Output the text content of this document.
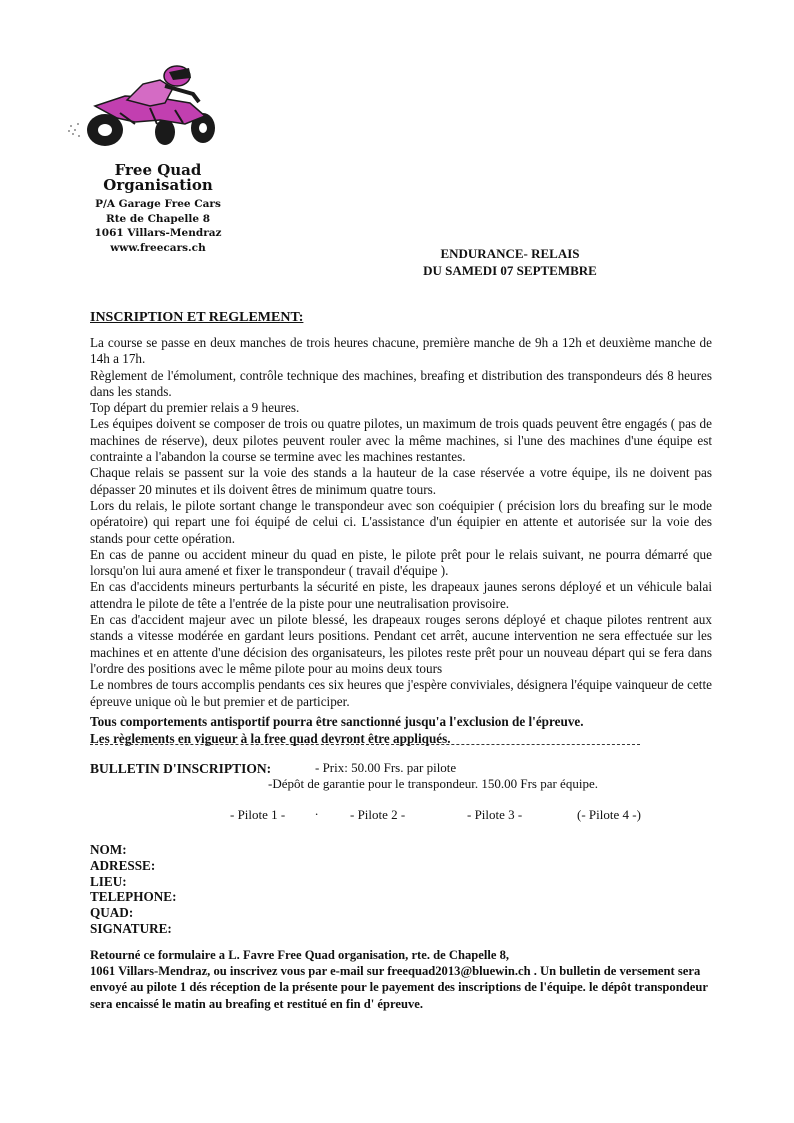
Free Quad Organisation
P/A Garage Free Cars
Rte de Chapelle 8
1061 Villars-Mendraz
www.freecars.ch	ENDURANCE- RELAIS
DU SAMEDI 07 SEPTEMBRE
INSCRIPTION ET REGLEMENT:

La course se passe en deux manches de trois heures chacune, première manche de 9h a 12h et deuxième manche de 14h a 17h.

Règlement de l'émolument, contrôle technique des machines, breafing et distribution des transpondeurs dés 8 heures dans les stands.

Top départ du premier relais a 9 heures.

Les équipes doivent se composer de trois ou quatre pilotes, un maximum de trois quads peuvent être engagés ( pas de machines de réserve), deux pilotes peuvent rouler avec la même machines, si l'une des machines d'une équipe est contrainte a l'abandon la course se termine avec les machines restantes.

Chaque relais se passent sur la voie des stands a la hauteur de la case réservée a votre équipe, ils ne doivent pas dépasser 20 minutes et ils doivent êtres de minimum quatre tours.

Lors du relais, le pilote sortant change le transpondeur avec son coéquipier ( précision lors du breafing sur le mode opératoire) qui repart une foi équipé de celui ci. L'assistance d'un équipier en attente et autorisée sur la voie des stands pour cette opération.

En cas de panne ou accident mineur du quad en piste, le pilote prêt pour le relais suivant, ne pourra démarré que lorsqu'on lui aura amené et fixer le transpondeur ( travail d'équipe ).

En cas d'accidents mineurs perturbants la sécurité en piste, les drapeaux jaunes serons déployé et un véhicule balai attendra le pilote de tête a l'entrée de la piste pour une neutralisation provisoire.

En cas d'accident majeur avec un pilote blessé, les drapeaux rouges serons déployé et chaque pilotes rentrent aux stands a vitesse modérée en gardant leurs positions. Pendant cet arrêt, aucune intervention ne sera effectuée sur les machines et en attente d'une décision des organisateurs, les pilotes reste prêt pour un nouveau départ qui se fera dans l'ordre des positions avec le même pilote pour au moins deux tours

Le nombres de tours accomplis pendants ces six heures que j'espère conviviales, désignera l'équipe vainqueur de cette épreuve unique où le but premier et de participer.

Tous comportements antisportif pourra être sanctionné jusqu'a l'exclusion de l'épreuve.

Les règlements en vigueur à la free quad devront être appliqués.

BULLETIN D'INSCRIPTION:	- Prix: 50.00 Frs. par pilote
-Dépôt de garantie pour le transpondeur. 150.00 Frs par équipe.
- Pilote 1 - . - Pilote 2 -	- Pilote 3 -	(- Pilote 4 -)
NOM:
ADRESSE:
LIEU:
TELEPHONE:
QUAD:
SIGNATURE:

Retourné ce formulaire a L. Favre Free Quad organisation, rte. de Chapelle 8,

1061 Villars-Mendraz, ou inscrivez vous par e-mail sur freequad2013@bluewin.ch . Un bulletin de versement sera envoyé au pilote 1 dés réception de la présente pour le payement des inscriptions de l'équipe. le dépôt transpondeur sera encaissé le matin au breafing et restitué en fin d' épreuve.
